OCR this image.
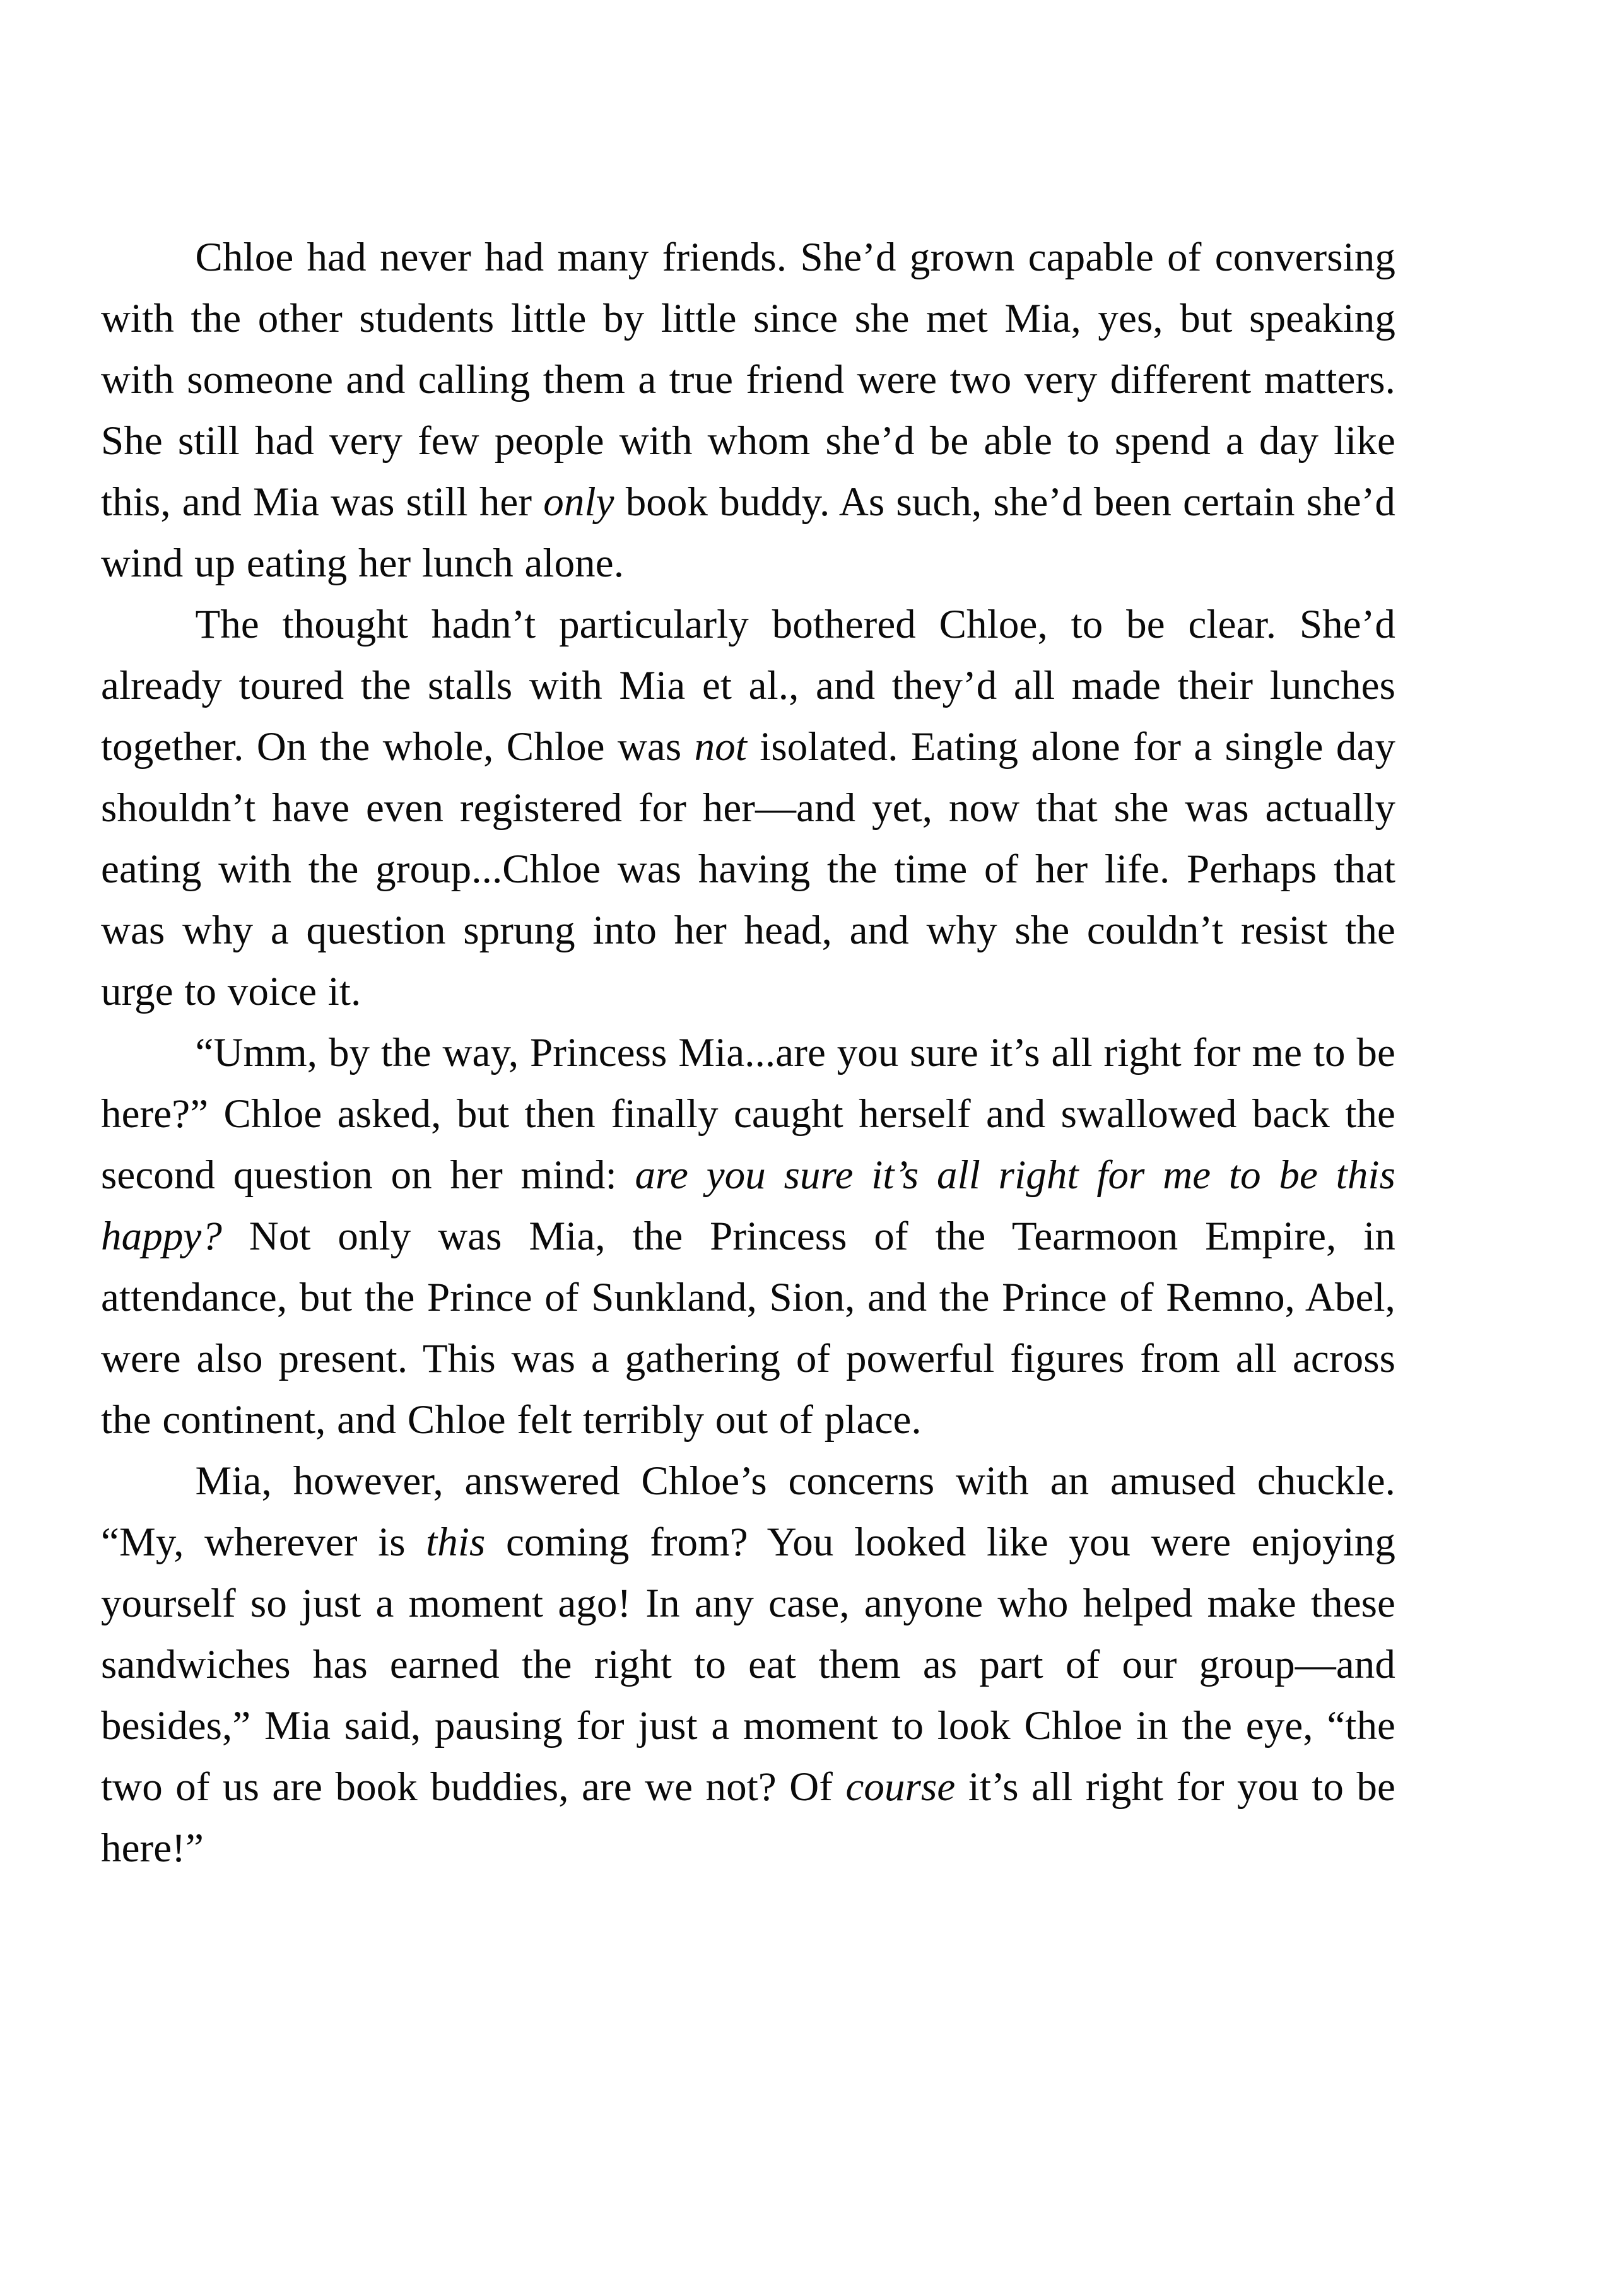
Chloe had never had many friends. She’d grown capable of conversing with the other students little by little since she met Mia, yes, but speaking with someone and calling them a true friend were two very different matters. She still had very few people with whom she’d be able to spend a day like this, and Mia was still her only book buddy. As such, she’d been certain she’d wind up eating her lunch alone.

The thought hadn’t particularly bothered Chloe, to be clear. She’d already toured the stalls with Mia et al., and they’d all made their lunches together. On the whole, Chloe was not isolated. Eating alone for a single day shouldn’t have even registered for her—and yet, now that she was actually eating with the group...Chloe was having the time of her life. Perhaps that was why a question sprung into her head, and why she couldn’t resist the urge to voice it.

“Umm, by the way, Princess Mia...are you sure it’s all right for me to be here?” Chloe asked, but then finally caught herself and swallowed back the second question on her mind: are you sure it’s all right for me to be this happy? Not only was Mia, the Princess of the Tearmoon Empire, in attendance, but the Prince of Sunkland, Sion, and the Prince of Remno, Abel, were also present. This was a gathering of powerful figures from all across the continent, and Chloe felt terribly out of place.

Mia, however, answered Chloe’s concerns with an amused chuckle. “My, wherever is this coming from? You looked like you were enjoying yourself so just a moment ago! In any case, anyone who helped make these sandwiches has earned the right to eat them as part of our group—and besides,” Mia said, pausing for just a moment to look Chloe in the eye, “the two of us are book buddies, are we not? Of course it’s all right for you to be here!”
